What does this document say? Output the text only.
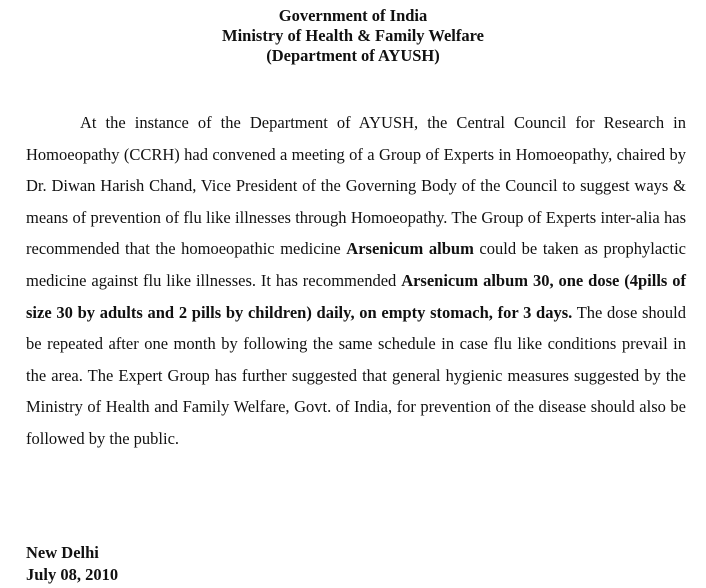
Government of India
Ministry of Health & Family Welfare
(Department of AYUSH)

At the instance of the Department of AYUSH, the Central Council for Research in Homoeopathy (CCRH) had convened a meeting of a Group of Experts in Homoeopathy, chaired by Dr. Diwan Harish Chand, Vice President of the Governing Body of the Council to suggest ways & means of prevention of flu like illnesses through Homoeopathy. The Group of Experts inter-alia has recommended that the homoeopathic medicine Arsenicum album could be taken as prophylactic medicine against flu like illnesses. It has recommended Arsenicum album 30, one dose (4pills of size 30 by adults and 2 pills by children) daily, on empty stomach, for 3 days. The dose should be repeated after one month by following the same schedule in case flu like conditions prevail in the area. The Expert Group has further suggested that general hygienic measures suggested by the Ministry of Health and Family Welfare, Govt. of India, for prevention of the disease should also be followed by the public.

New Delhi
July 08, 2010
